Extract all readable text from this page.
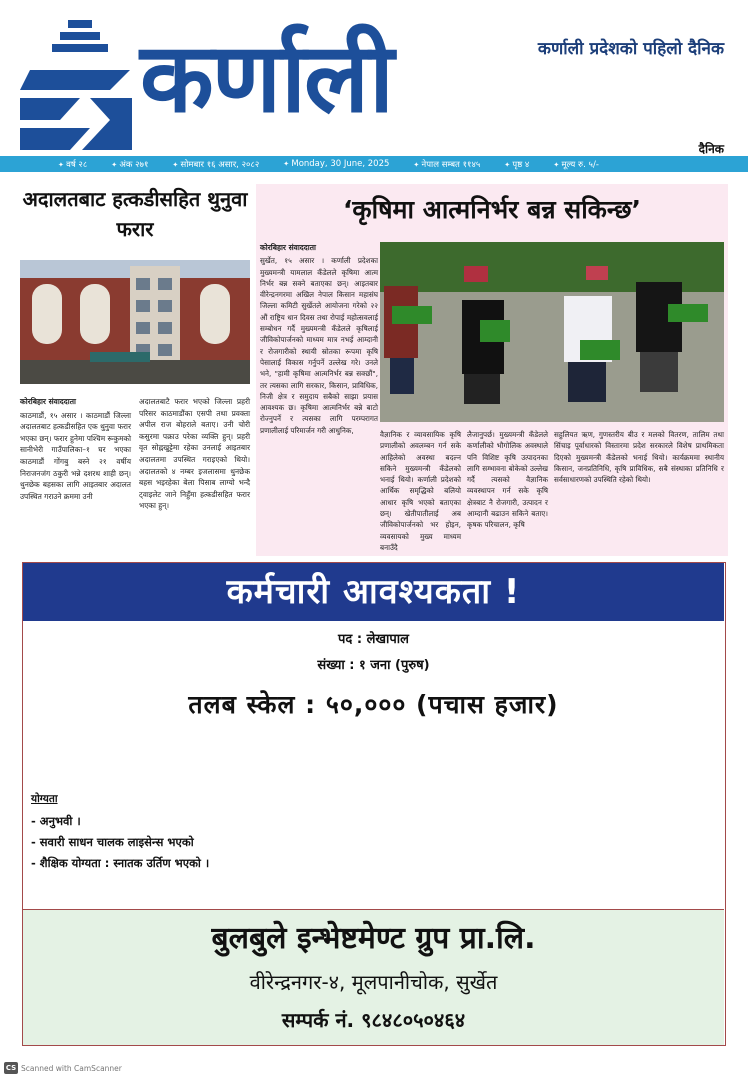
कर्णाली	कर्णाली प्रदेशको पहिलो दैनिक
दैनिक
✦ वर्ष २८	✦ अंक २७१	✦ सोमबार १६ असार, २०८२	✦ Monday, 30 June, 2025	✦ नेपाल सम्बत ११४५	✦ पृष्ठ ४	✦ मूल्य रु. ५/-
अदालतबाट हत्कडीसहित थुनुवा फरार

कोरबिहार संवाददाता
काठमाडौं, १५ असार । काठमाडौं जिल्ला अदालतबाट हत्कडीसहित एक थुनुवा फरार भएका छन्। फरार हुनेमा पश्चिम रूकुमको सानीभेरी गाउँपालिका–१ घर भएका काठमाडौं गोंगबु बस्ने २१ वर्षीय निराजनजंग ठकुरी भन्ने दशरथ शाही छन्। थुनछेक बहसका लागि आइतबार अदालत उपस्थित गराउने क्रममा उनी

अदालतबाटै फरार भएको जिल्ला प्रहरी परिसर काठमाडौंका एसपी तथा प्रवक्ता अपील राज बोहराले बताए। उनी चोरी कसुरमा पक्राउ परेका व्यक्ति हुन्। प्रहरी वृत सोह्नखुट्टेमा रहेका उनलाई आइतबार अदालतमा उपस्थित गराइएको थियो। अदालतको ४ नम्बर इजलासमा थुनछेक बहस भइरहेका बेला पिसाब लाग्यो भन्दै ट्वाइलेट जाने निहुँमा हत्कडीसहित फरार भएका हुन्।

‘कृषिमा आत्मनिर्भर बन्न सकिन्छ’
कोरबिहार संवाददाता
सुर्खेत, १५ असार । कर्णाली प्रदेशका मुख्यमन्त्री यामलाल कँडेलले कृषिमा आत्म निर्भर बन्न सक्ने बताएका छन्। आइतबार वीरेन्द्रनगरमा अखिल नेपाल किसान महासंघ जिल्ला कमिटी सुर्खेतले आयोजना गरेको २२ औं राष्ट्रिय धान दिवस तथा रोपाई महोत्सवलाई सम्बोधन गर्दै मुख्यमन्त्री कँडेलले कृषिलाई जीविकोपार्जनको माध्यम मात्र नभई आम्दानी र रोजगारीको स्थायी स्रोतका रूपमा कृषि पेसालाई विकास गर्नुपर्ने उल्लेख गरे। उनले भने, "हामी कृषिमा आत्मनिर्भर बन्न सक्छौं", तर त्यसका लागि सरकार, किसान, प्राविधिक, निजी क्षेत्र र समुदाय सबैको साझा प्रयास आवश्यक छ। कृषिमा आत्मनिर्भर बन्ने बाटो रोज्नुपर्ने र त्यसका लागि परम्परागत प्रणालीलाई परिमार्जन गरी आधुनिक,	वैज्ञानिक र व्यावसायिक कृषि प्रणालीको अवलम्बन गर्न सके आहिलेको अवस्था बदल्न सकिने मुख्यमन्त्री कँडेलको भनाई थियो। कर्णाली प्रदेशको आर्थिक समृद्धिको बलियो आधार कृषि भएको बताएका छन्। खेतीपातीलाई अब जीविकोपार्जनको भर होइन, व्यवसायको मुख्य माध्यम बनाउँदै

लैजानुपर्छ। मुख्यमन्त्री कँडेलले कर्णालीको भौगोलिक अवस्थाले पनि विशिष्ट कृषि उत्पादनका लागि सम्भावना बोकेको उल्लेख गर्दै त्यसको वैज्ञानिक व्यवस्थापन गर्न सके कृषि क्षेत्रबाट नै रोजगारी, उत्पादन र आम्दानी बढाउन सकिने बताए। कृषक परिचालन, कृषि

सहुलियत ऋण, गुणस्तरीय बीउ र मलको वितरण, तालिम तथा सिंचाइ पूर्वाधारको विस्तारमा प्रदेश सरकारले विशेष प्राथमिकता दिएको मुख्यमन्त्री कँडेलको भनाई थियो। कार्यक्रममा स्थानीय किसान, जनप्रतिनिधि, कृषि प्राविधिक, सबै संस्थाका प्रतिनिधि र सर्वसाधारणको उपस्थिति रहेको थियो।

कर्मचारी आवश्यकता !
पद : लेखापाल
संख्या : १ जना (पुरुष)
तलब स्केल : ५०,००० (पचास हजार)
योग्यता
- अनुभवी ।
- सवारी साधन चालक लाइसेन्स भएको
- शैक्षिक योग्यता : स्नातक उर्तिण भएको ।
बुलबुले इन्भेष्टमेण्ट ग्रुप प्रा.लि.
वीरेन्द्रनगर-४, मूलपानीचोक, सुर्खेत
सम्पर्क नं. ९८४८०५०४६४
CS Scanned with CamScanner
